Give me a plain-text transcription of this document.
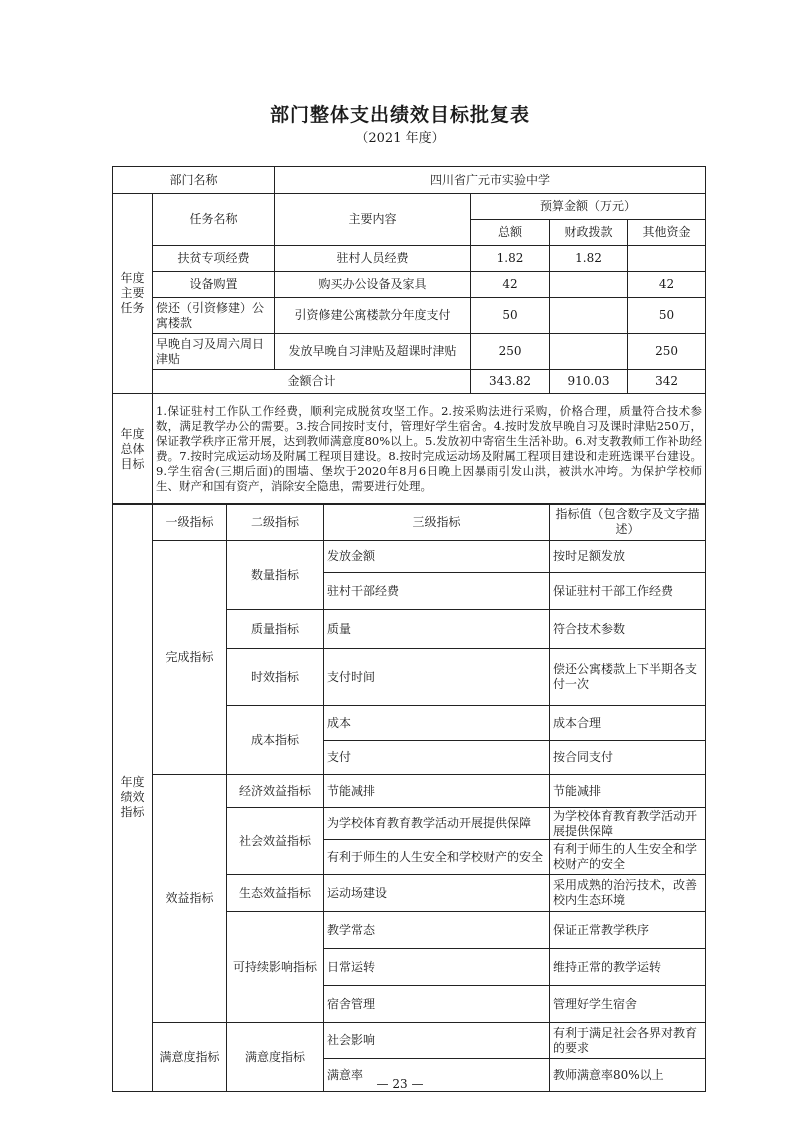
部门整体支出绩效目标批复表
（2021 年度）
部门名称		四川省广元市实验中学			
年度主要任务	任务名称	主要内容	预算金额（万元）		
			总额	财政拨款	其他资金
	扶贫专项经费	驻村人员经费	1.82	1.82	
	设备购置	购买办公设备及家具	42		42
	偿还（引资修建）公寓楼款	引资修建公寓楼款分年度支付	50		50
	早晚自习及周六周日津贴	发放早晚自习津贴及超课时津贴	250		250
	金额合计		343.82	910.03	342
年度总体目标	1.保证驻村工作队工作经费，顺利完成脱贫攻坚工作。2.按采购法进行采购，价格合理，质量符合技术参数，满足教学办公的需要。3.按合同按时支付，管理好学生宿舍。4.按时发放早晚自习及课时津贴250万，保证教学秩序正常开展，达到教师满意度80%以上。5.发放初中寄宿生生活补助。6.对支教教师工作补助经费。7.按时完成运动场及附属工程项目建设。8.按时完成运动场及附属工程项目建设和走班选课平台建设。9.学生宿舍(三期后面)的围墙、堡坎于2020年8月6日晚上因暴雨引发山洪，被洪水冲垮。为保护学校师生、财产和国有资产，消除安全隐患，需要进行处理。				
年度绩效指标	一级指标	二级指标	三级指标	指标值（包含数字及文字描述）
	完成指标	数量指标	发放金额	按时足额发放
			驻村干部经费	保证驻村干部工作经费
		质量指标	质量	符合技术参数
		时效指标	支付时间	偿还公寓楼款上下半期各支付一次
		成本指标	成本	成本合理
			支付	按合同支付
	效益指标	经济效益指标	节能减排	节能减排
		社会效益指标	为学校体育教育教学活动开展提供保障	为学校体育教育教学活动开展提供保障
			有利于师生的人生安全和学校财产的安全	有利于师生的人生安全和学校财产的安全
		生态效益指标	运动场建设	采用成熟的治污技术，改善校内生态环境
		可持续影响指标	教学常态	保证正常教学秩序
			日常运转	维持正常的教学运转
			宿舍管理	管理好学生宿舍
	满意度指标	满意度指标	社会影响	有利于满足社会各界对教育的要求
			满意率	教师满意率80%以上
— 23 —
